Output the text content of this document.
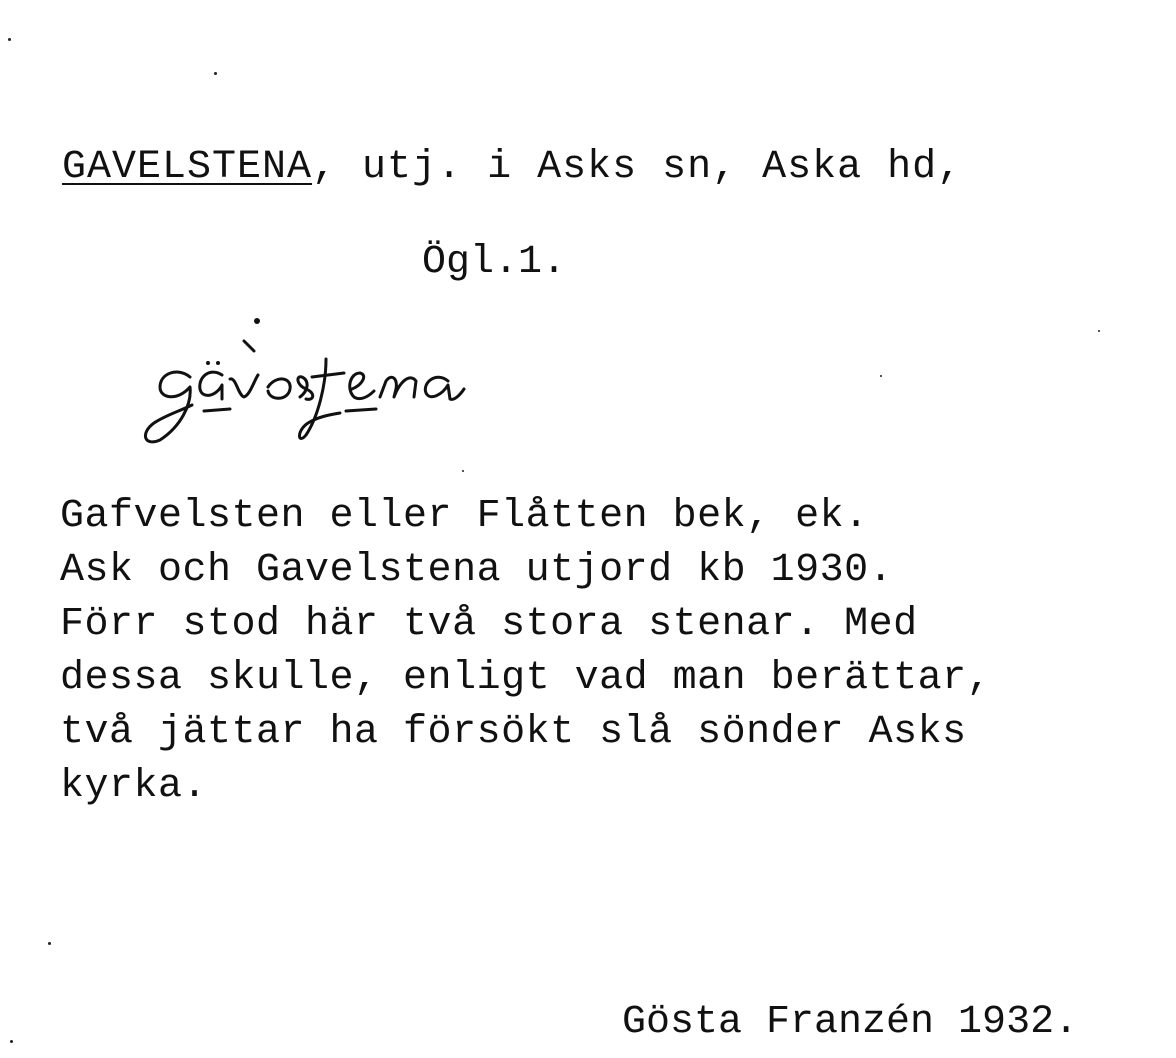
GAVELSTENA, utj. i Asks sn, Aska hd,
Ögl.1.
Gafvelsten eller Flåtten bek, ek.
Ask och Gavelstena utjord kb 1930.
Förr stod här två stora stenar. Med
dessa skulle, enligt vad man berättar,
två jättar ha försökt slå sönder Asks
kyrka.
Gösta Franzén 1932.
